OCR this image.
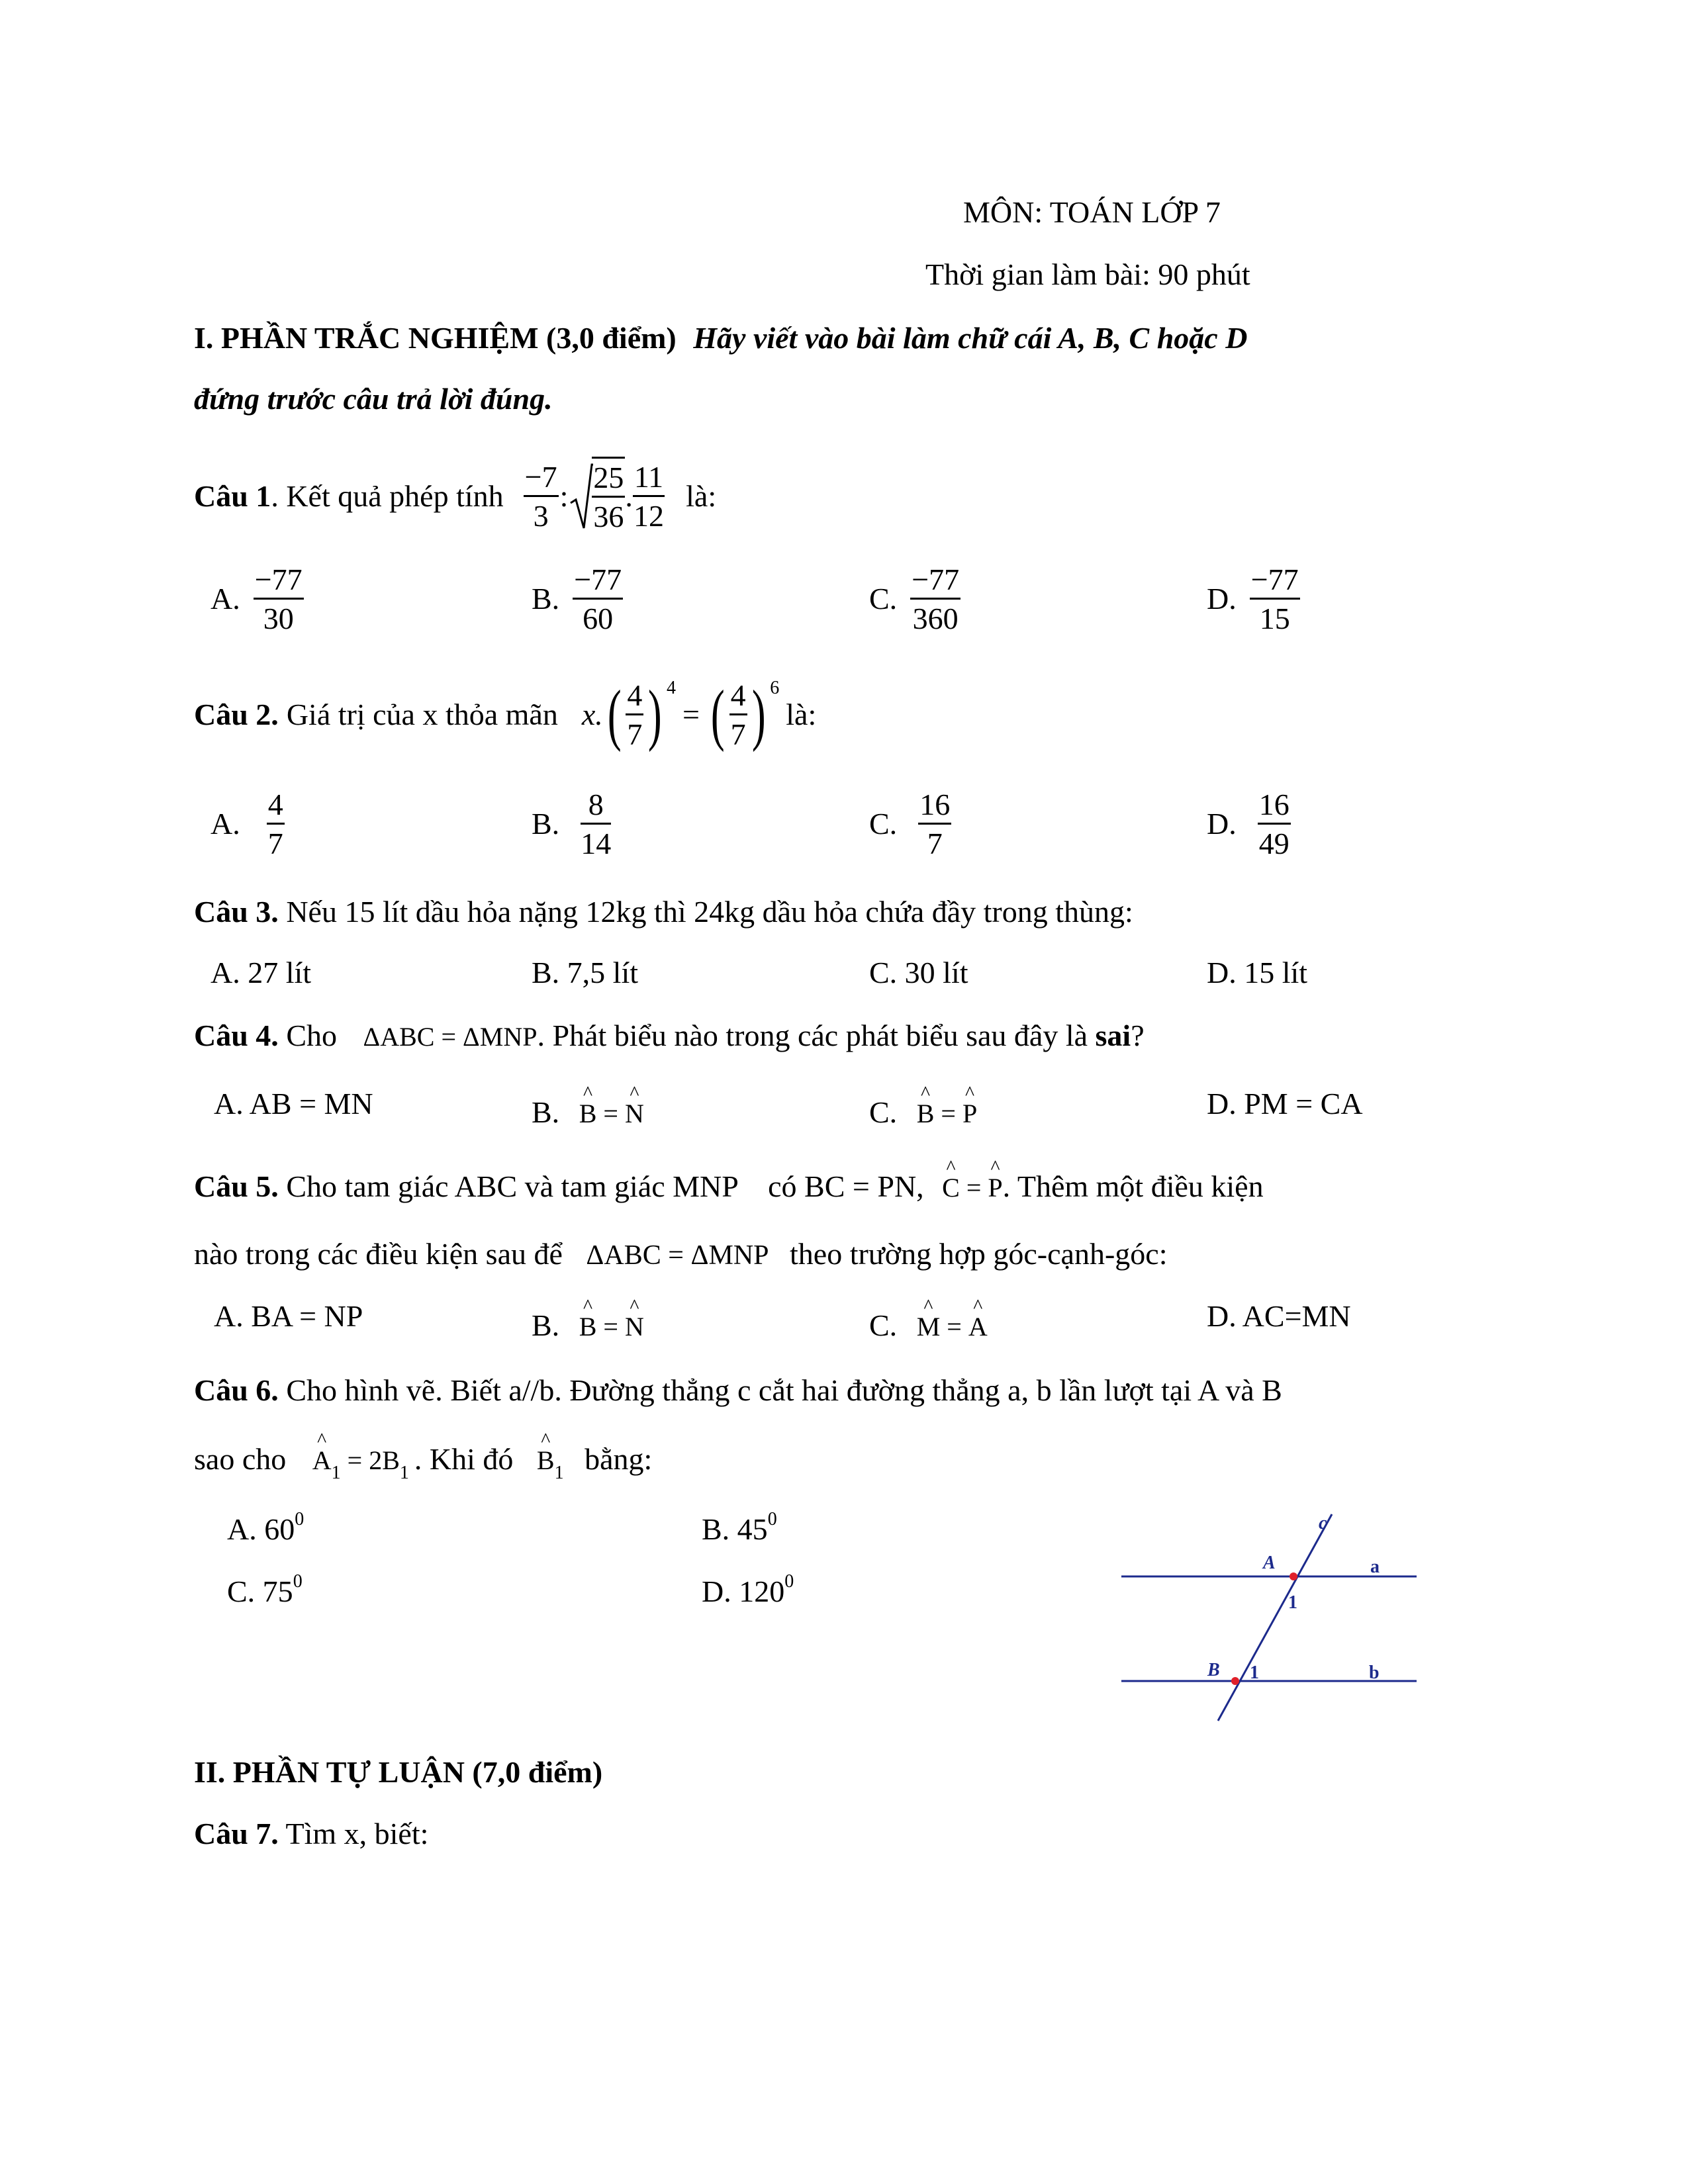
MÔN: TOÁN LỚP 7
Thời gian làm bài: 90 phút
I. PHẦN TRẮC NGHIỆM (3,0 điểm) Hãy viết vào bài làm chữ cái A, B, C hoặc D
đứng trước câu trả lời đúng.
Câu 1 . Kết quả phép tính $\frac{-7}{3}$ : $\frac{25}{36}$ . $\frac{11}{12}$ là:
A. $\frac{-77}{30}$	B. $\frac{-77}{60}$	C. $\frac{-77}{360}$	D. $\frac{-77}{15}$
Câu 2. Giá trị của x thỏa mãn x. ( $\frac{4}{7}$ ) 4
= ( $\frac{4}{7}$ ) 6
là:
A. $\frac{4}{7}$	B. $\frac{8}{14}$	C. $\frac{16}{7}$	D. $\frac{16}{49}$
Câu 3. Nếu 15 lít dầu hỏa nặng 12kg thì 24kg dầu hỏa chứa đầy trong thùng:
A. 27 lít	B. 7,5 lít	C. 30 lít	D. 15 lít
Câu 4. Cho ΔABC = ΔMNP. Phát biểu nào trong các phát biểu sau đây là sai?
A. AB = MN	B. ^ B = ^ N	C. ^ B = ^ P	D. PM = CA
Câu 5. Cho tam giác ABC và tam giác MNP    có BC = PN, ^ C = ^ P. Thêm một điều kiện
nào trong các điều kiện sau để ΔABC = ΔMNP theo trường hợp góc-cạnh-góc:
A. BA = NP	B. ^ B = ^ N	C. ^ M = ^ A	D. AC=MN
Câu 6. Cho hình vẽ. Biết a//b. Đường thẳng c cắt hai đường thẳng a, b lần lượt tại A và B
sao cho ^ $A_1 = 2B_1$ . Khi đó ^ $B_1$ bằng:
A. $60^0$	B. $45^0$
C. $75^0$	D. $120^0$
c
A	a
1
B 1	b
II. PHẦN TỰ LUẬN (7,0 điểm)
Câu 7. Tìm x, biết:
